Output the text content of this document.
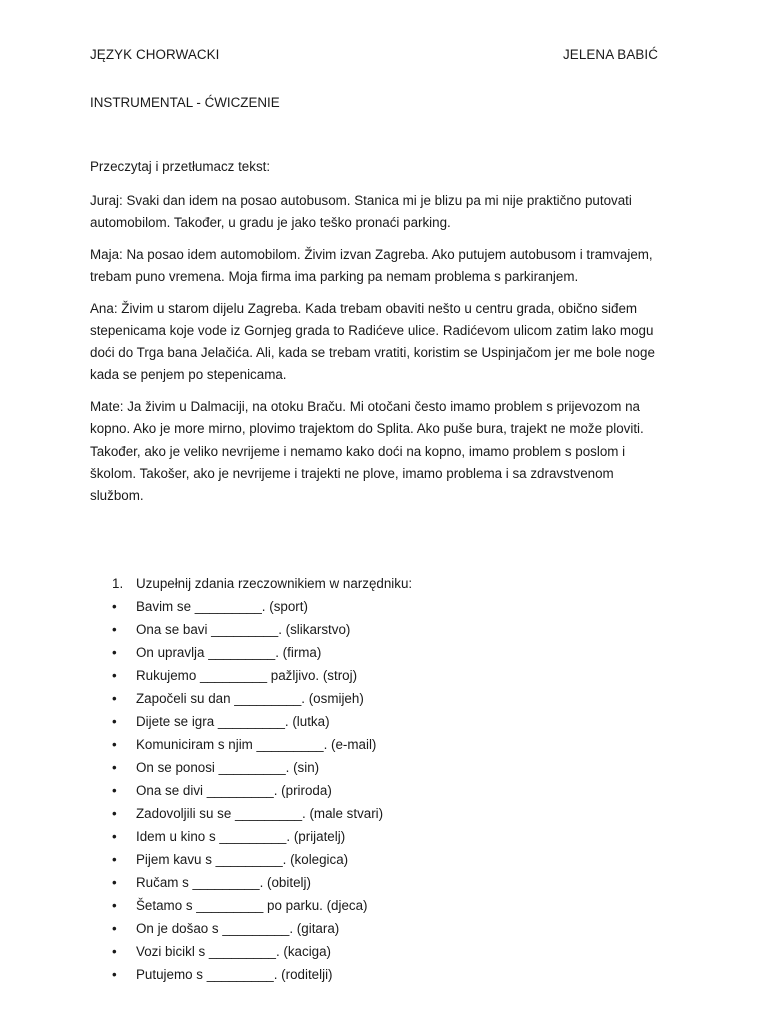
JĘZYK CHORWACKI	JELENA BABIĆ
INSTRUMENTAL - ĆWICZENIE
Przeczytaj i przetłumacz tekst:

Juraj: Svaki dan idem na posao autobusom. Stanica mi je blizu pa mi nije praktično putovati automobilom. Također, u gradu je jako teško pronaći parking.

Maja: Na posao idem automobilom. Živim izvan Zagreba. Ako putujem autobusom i tramvajem, trebam puno vremena. Moja firma ima parking pa nemam problema s parkiranjem.

Ana: Živim u starom dijelu Zagreba. Kada trebam obaviti nešto u centru grada, obično siđem stepenicama koje vode iz Gornjeg grada to Radićeve ulice. Radićevom ulicom zatim lako mogu doći do Trga bana Jelačića. Ali, kada se trebam vratiti, koristim se Uspinjačom jer me bole noge kada se penjem po stepenicama.

Mate: Ja živim u Dalmaciji, na otoku Braču. Mi otočani često imamo problem s prijevozom na kopno. Ako je more mirno, plovimo trajektom do Splita. Ako puše bura, trajekt ne može ploviti. Također, ako je veliko nevrijeme i nemamo kako doći na kopno, imamo problem s poslom i školom. Takošer, ako je nevrijeme i trajekti ne plove, imamo problema i sa zdravstvenom službom.

1. Uzupełnij zdania rzeczownikiem w narzędniku:
•	Bavim se _________. (sport)
•	Ona se bavi _________. (slikarstvo)
•	On upravlja _________. (firma)
•	Rukujemo _________ pažljivo. (stroj)
•	Započeli su dan _________. (osmijeh)
•	Dijete se igra _________. (lutka)
•	Komuniciram s njim _________. (e-mail)
•	On se ponosi _________. (sin)
•	Ona se divi _________. (priroda)
•	Zadovoljili su se _________. (male stvari)
•	Idem u kino s _________. (prijatelj)
•	Pijem kavu s _________. (kolegica)
•	Ručam s _________. (obitelj)
•	Šetamo s _________ po parku. (djeca)
•	On je došao s _________. (gitara)
•	Vozi bicikl s _________. (kaciga)
•	Putujemo s _________. (roditelji)
